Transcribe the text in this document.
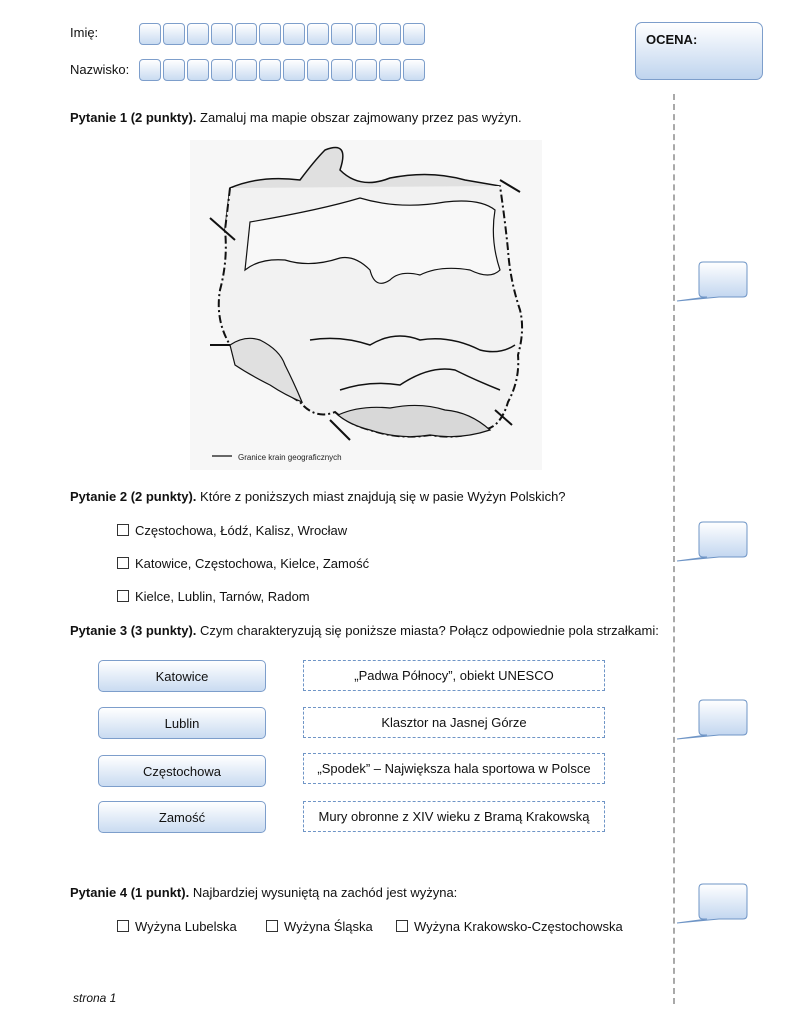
Imię:
Nazwisko:
OCENA:
Pytanie 1 (2 punkty). Zamaluj ma mapie obszar zajmowany przez pas wyżyn.
Granice krain geograficznych
Pytanie 2 (2 punkty). Które z poniższych miast znajdują się w pasie Wyżyn Polskich?
Częstochowa, Łódź, Kalisz, Wrocław
Katowice, Częstochowa, Kielce, Zamość
Kielce, Lublin, Tarnów, Radom
Pytanie 3 (3 punkty). Czym charakteryzują się poniższe miasta? Połącz odpowiednie pola strzałkami:
Katowice
Lublin
Częstochowa
Zamość
„Padwa Północy”, obiekt UNESCO
Klasztor na Jasnej Górze
„Spodek” – Największa hala sportowa w Polsce
Mury obronne z XIV wieku z Bramą Krakowską
Pytanie 4 (1 punkt). Najbardziej wysuniętą na zachód jest wyżyna:
Wyżyna Lubelska	Wyżyna Śląska	Wyżyna Krakowsko-Częstochowska
strona 1
